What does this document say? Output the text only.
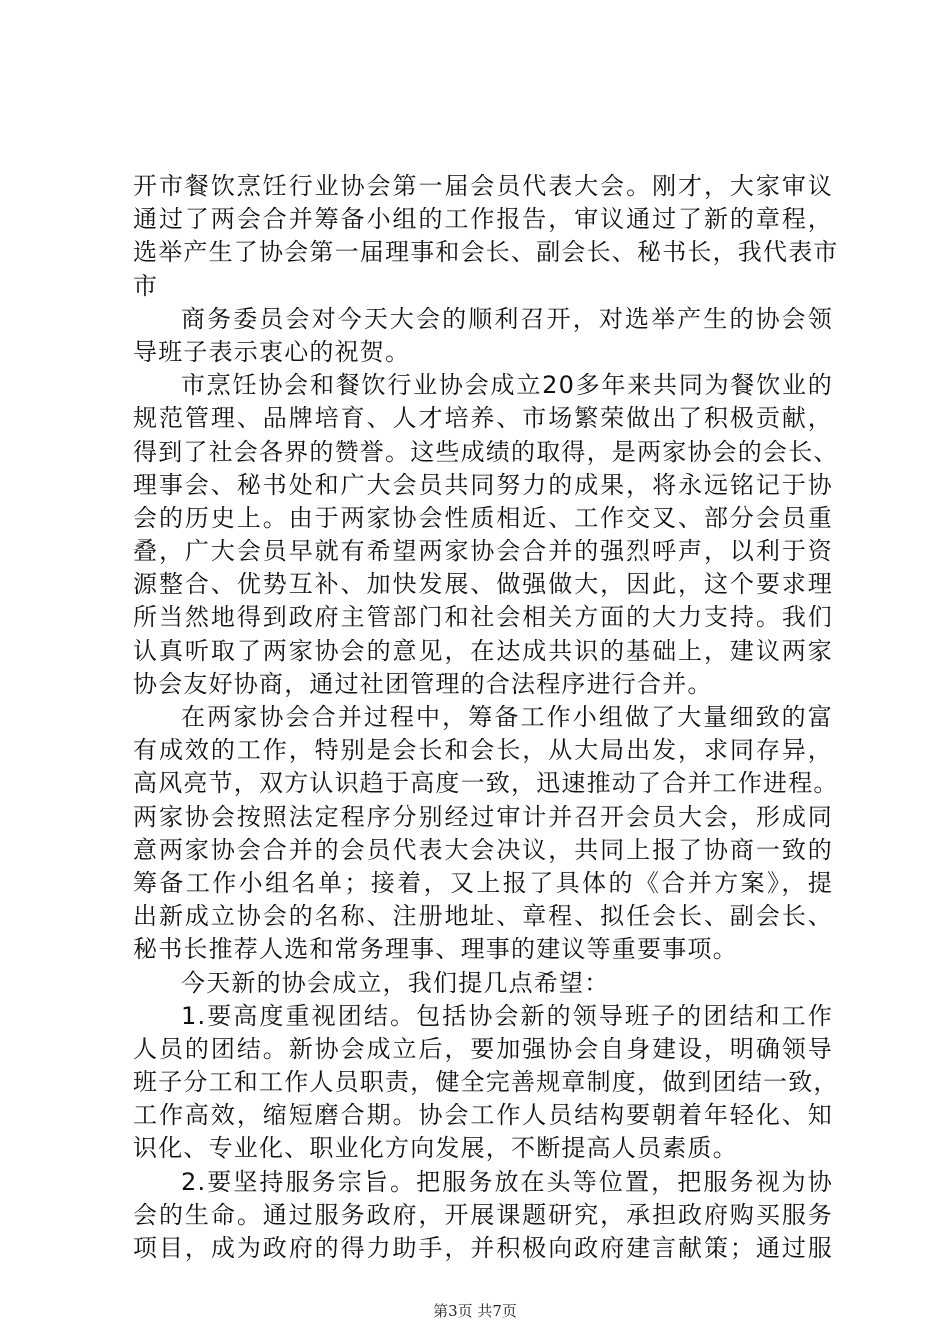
开市餐饮烹饪行业协会第一届会员代表大会。刚才，大家审议
通过了两会合并筹备小组的工作报告，审议通过了新的章程，
选举产生了协会第一届理事和会长、副会长、秘书长，我代表市
市
商务委员会对今天大会的顺利召开，对选举产生的协会领
导班子表示衷心的祝贺。
市烹饪协会和餐饮行业协会成立20多年来共同为餐饮业的
规范管理、品牌培育、人才培养、市场繁荣做出了积极贡献，
得到了社会各界的赞誉。这些成绩的取得，是两家协会的会长、
理事会、秘书处和广大会员共同努力的成果，将永远铭记于协
会的历史上。由于两家协会性质相近、工作交叉、部分会员重
叠，广大会员早就有希望两家协会合并的强烈呼声，以利于资
源整合、优势互补、加快发展、做强做大，因此，这个要求理
所当然地得到政府主管部门和社会相关方面的大力支持。我们
认真听取了两家协会的意见，在达成共识的基础上，建议两家
协会友好协商，通过社团管理的合法程序进行合并。
在两家协会合并过程中，筹备工作小组做了大量细致的富
有成效的工作，特别是会长和会长，从大局出发，求同存异，
高风亮节，双方认识趋于高度一致，迅速推动了合并工作进程。
两家协会按照法定程序分别经过审计并召开会员大会，形成同
意两家协会合并的会员代表大会决议，共同上报了协商一致的
筹备工作小组名单；接着，又上报了具体的《合并方案》，提
出新成立协会的名称、注册地址、章程、拟任会长、副会长、
秘书长推荐人选和常务理事、理事的建议等重要事项。
今天新的协会成立，我们提几点希望：
1.要高度重视团结。包括协会新的领导班子的团结和工作
人员的团结。新协会成立后，要加强协会自身建设，明确领导
班子分工和工作人员职责，健全完善规章制度，做到团结一致，
工作高效，缩短磨合期。协会工作人员结构要朝着年轻化、知
识化、专业化、职业化方向发展，不断提高人员素质。
2.要坚持服务宗旨。把服务放在头等位置，把服务视为协
会的生命。通过服务政府，开展课题研究，承担政府购买服务
项目，成为政府的得力助手，并积极向政府建言献策；通过服
第3页 共7页
